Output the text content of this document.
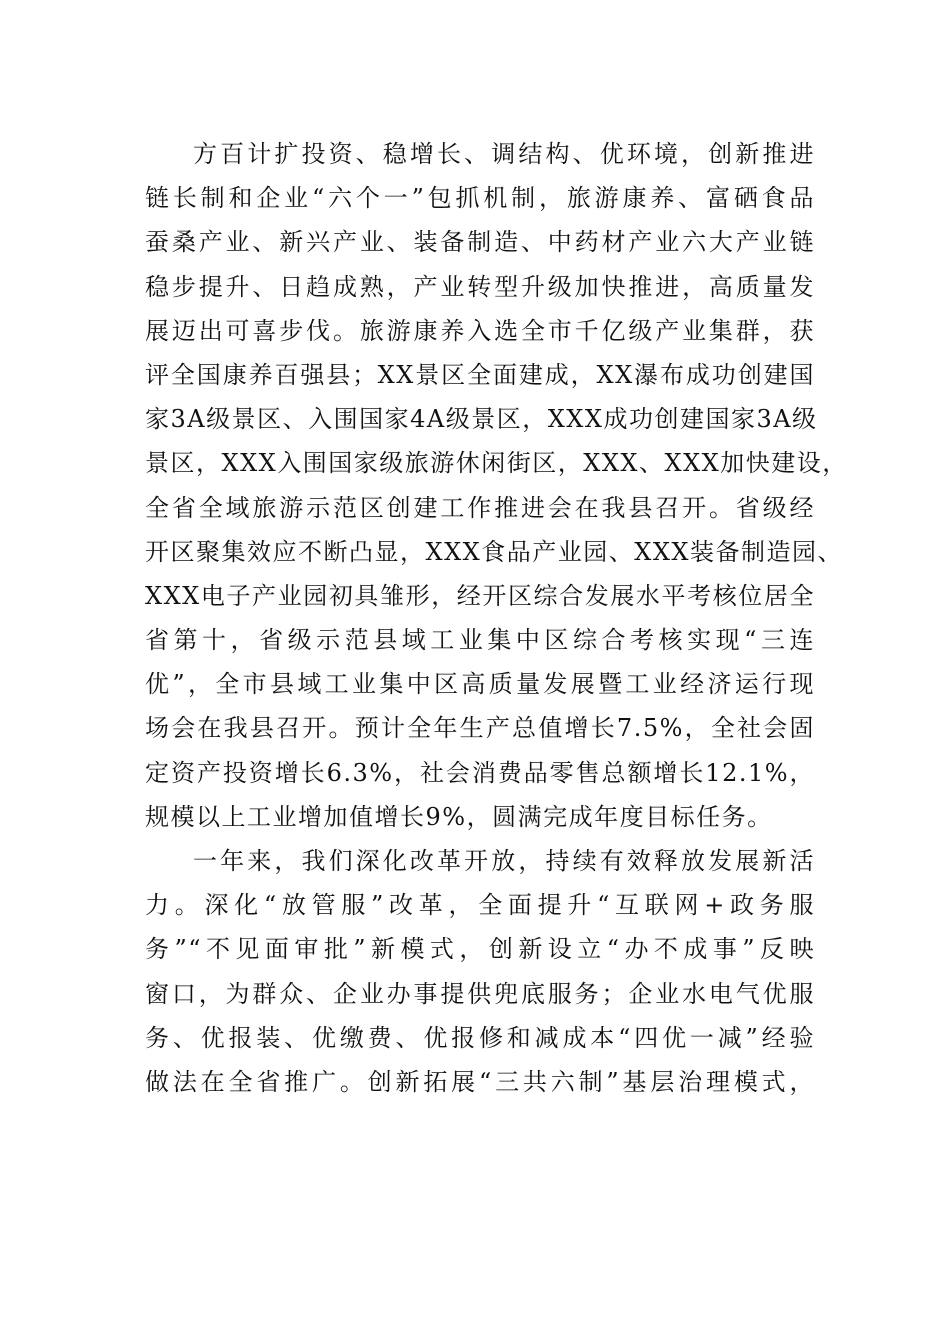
方百计扩投资、稳增长、调结构、优环境，创新推进
链长制和企业“六个一”包抓机制，旅游康养、富硒食品
蚕桑产业、新兴产业、装备制造、中药材产业六大产业链
稳步提升、日趋成熟，产业转型升级加快推进，高质量发
展迈出可喜步伐。旅游康养入选全市千亿级产业集群，获
评全国康养百强县；XX景区全面建成，XX瀑布成功创建国
家3A级景区、入围国家4A级景区，XXX成功创建国家3A级
景区，XXX入围国家级旅游休闲街区，XXX、XXX加快建设，
全省全域旅游示范区创建工作推进会在我县召开。省级经
开区聚集效应不断凸显，XXX食品产业园、XXX装备制造园、
XXX电子产业园初具雏形，经开区综合发展水平考核位居全
省第十，省级示范县域工业集中区综合考核实现“三连
优”，全市县域工业集中区高质量发展暨工业经济运行现
场会在我县召开。预计全年生产总值增长7.5%，全社会固
定资产投资增长6.3%，社会消费品零售总额增长12.1%，
规模以上工业增加值增长9%，圆满完成年度目标任务。
一年来，我们深化改革开放，持续有效释放发展新活
力。深化“放管服”改革，全面提升“互联网+政务服
务”“不见面审批”新模式，创新设立“办不成事”反映
窗口，为群众、企业办事提供兜底服务；企业水电气优服
务、优报装、优缴费、优报修和减成本“四优一减”经验
做法在全省推广。创新拓展“三共六制”基层治理模式，
